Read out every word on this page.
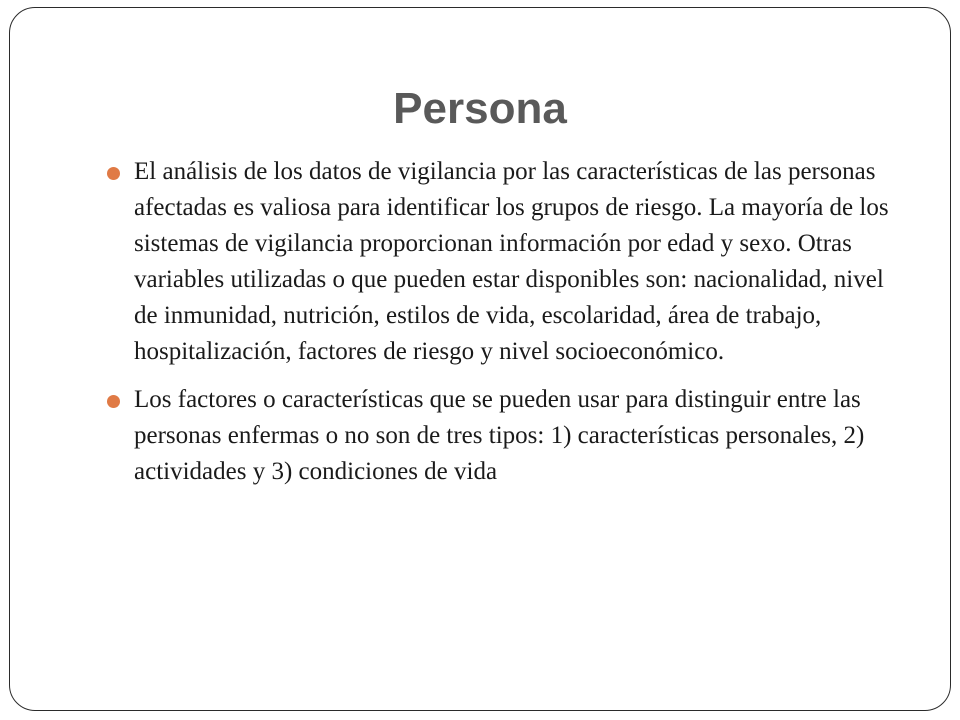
Persona
El análisis de los datos de vigilancia por las características de las personas afectadas es valiosa para identificar los grupos de riesgo. La mayoría de los sistemas de vigilancia proporcionan información por edad y sexo. Otras variables utilizadas o que pueden estar disponibles son: nacionalidad, nivel de inmunidad, nutrición, estilos de vida, escolaridad, área de trabajo, hospitalización, factores de riesgo y nivel socioeconómico.
Los factores o características que se pueden usar para distinguir entre las personas enfermas o no son de tres tipos: 1) características personales, 2) actividades y 3) condiciones de vida
